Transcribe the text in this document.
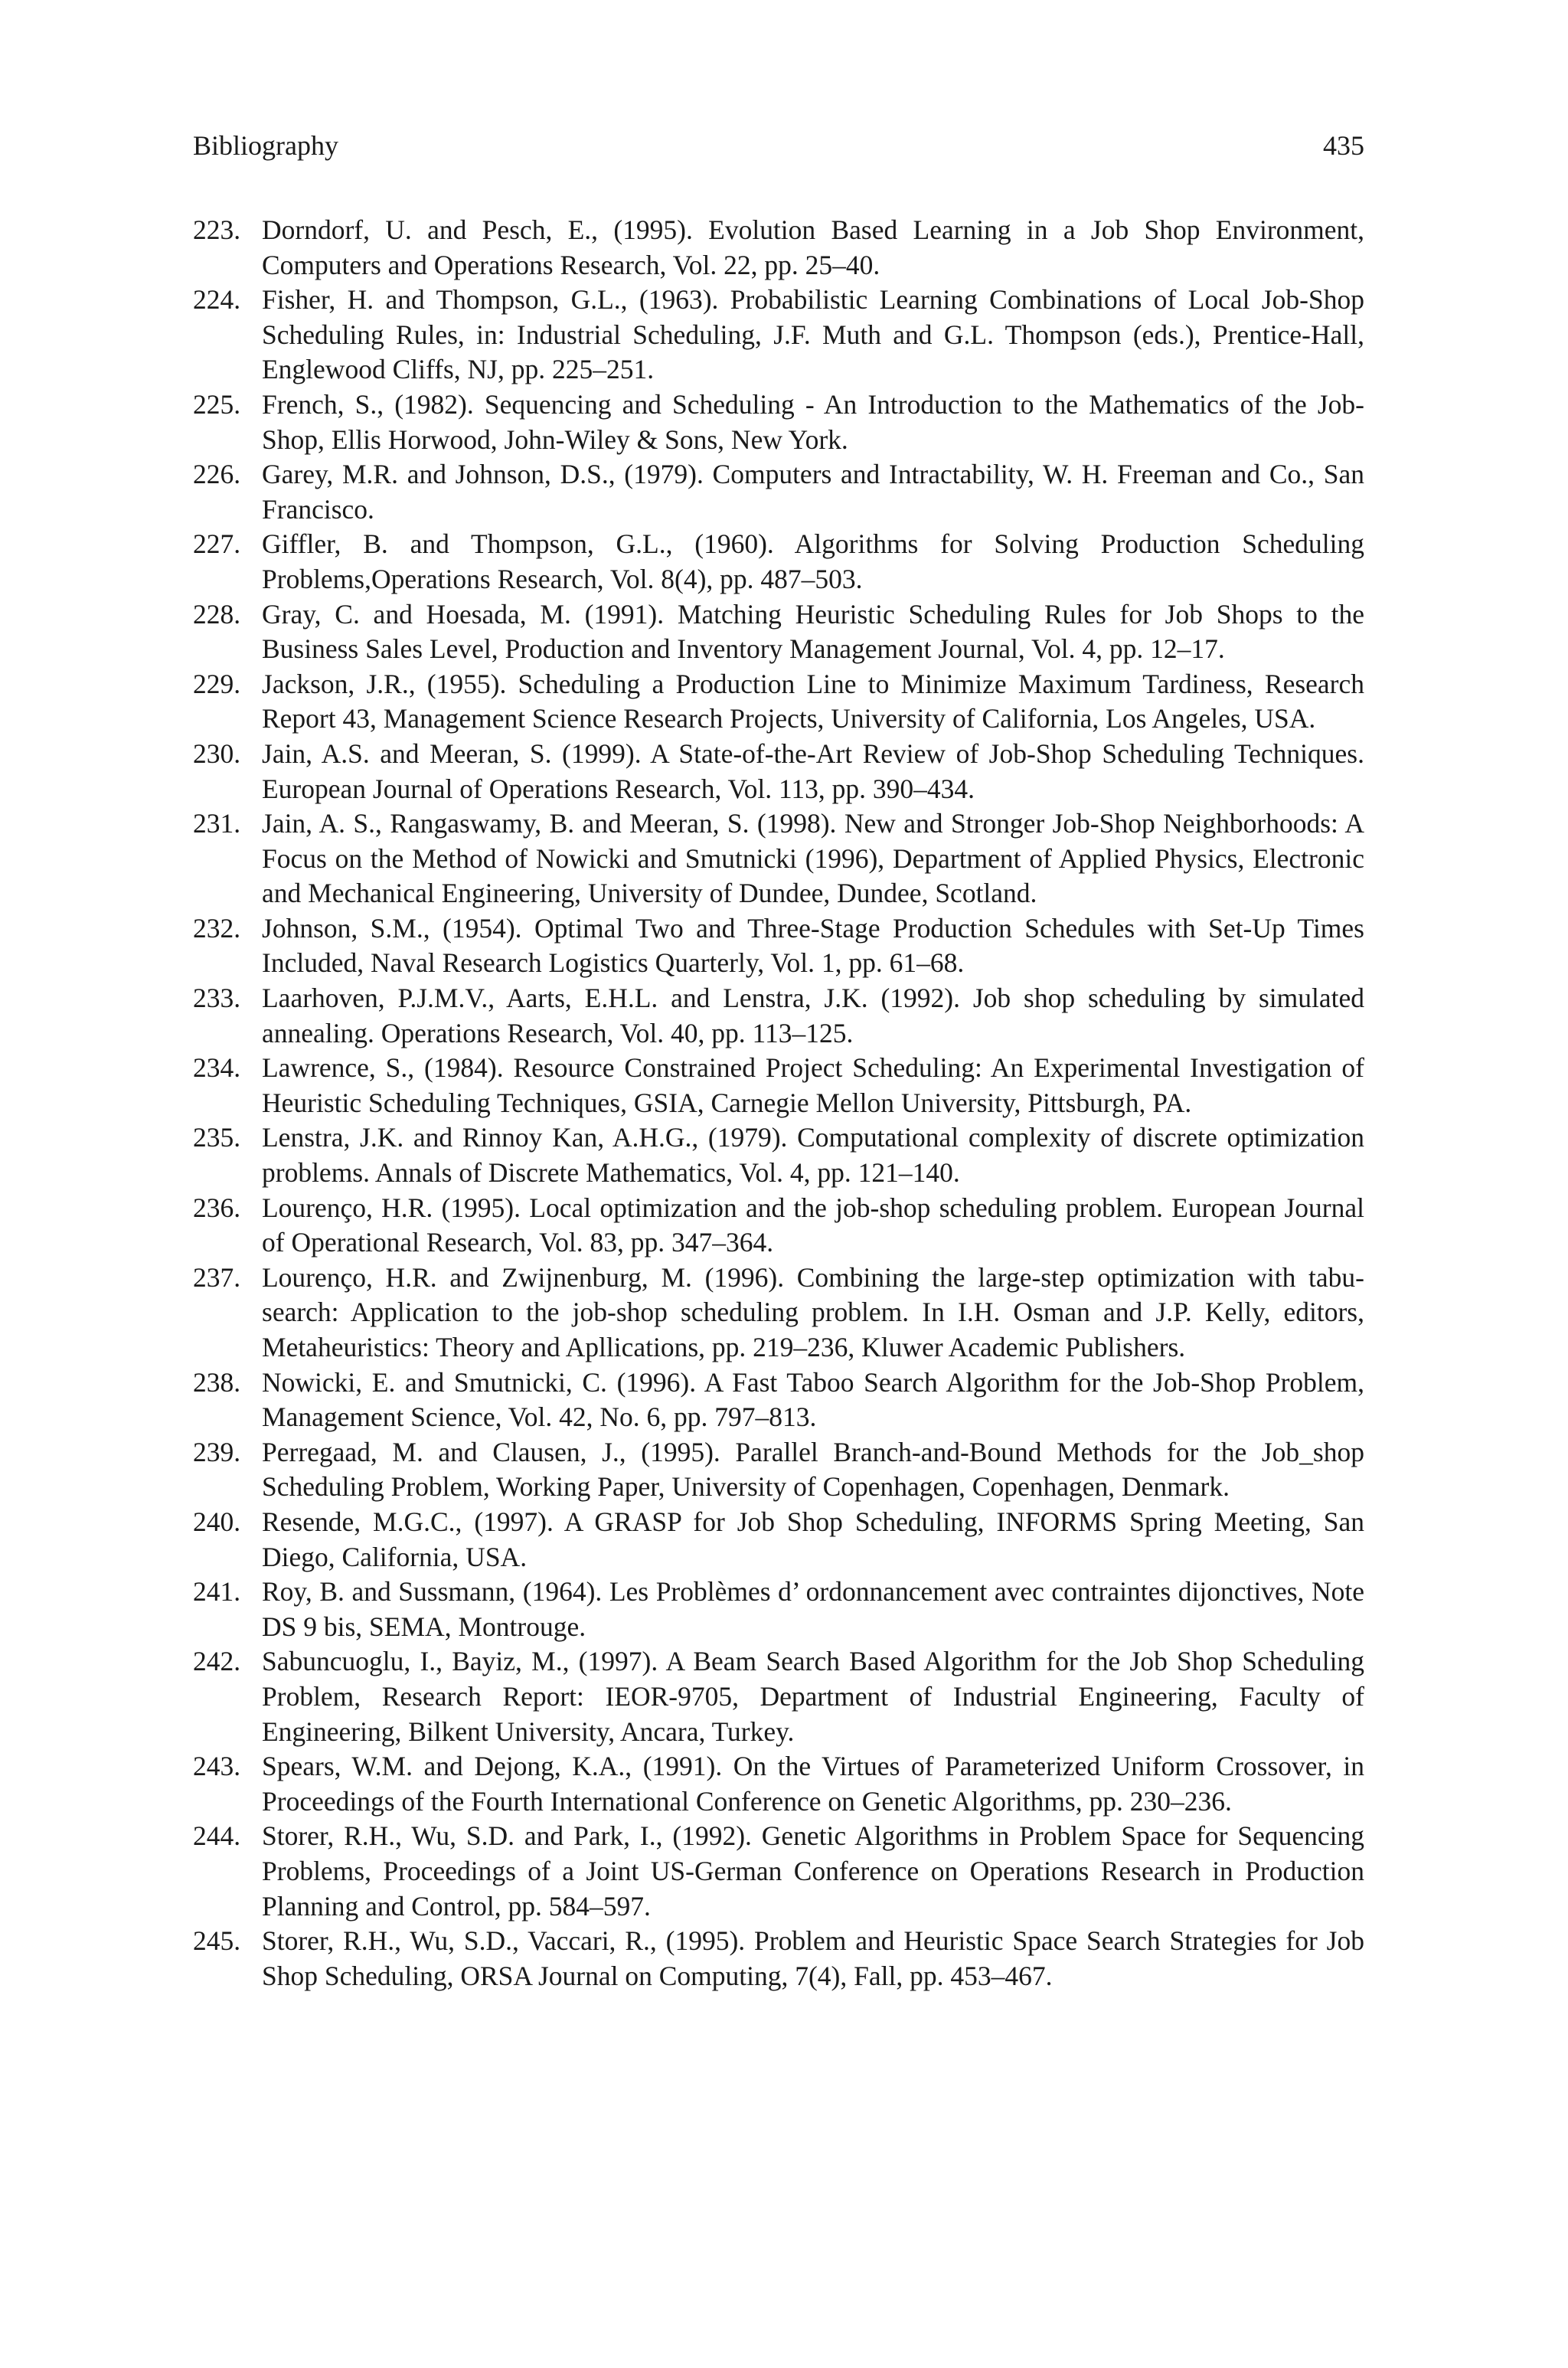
Bibliography	435
223. Dorndorf, U. and Pesch, E., (1995). Evolution Based Learning in a Job Shop Environment, Computers and Operations Research, Vol. 22, pp. 25–40.
224. Fisher, H. and Thompson, G.L., (1963). Probabilistic Learning Combinations of Local Job-Shop Scheduling Rules, in: Industrial Scheduling, J.F. Muth and G.L. Thompson (eds.), Prentice-Hall, Englewood Cliffs, NJ, pp. 225–251.
225. French, S., (1982). Sequencing and Scheduling - An Introduction to the Mathematics of the Job-Shop, Ellis Horwood, John-Wiley & Sons, New York.
226. Garey, M.R. and Johnson, D.S., (1979). Computers and Intractability, W. H. Freeman and Co., San Francisco.
227. Giffler, B. and Thompson, G.L., (1960). Algorithms for Solving Production Scheduling Problems,Operations Research, Vol. 8(4), pp. 487–503.
228. Gray, C. and Hoesada, M. (1991). Matching Heuristic Scheduling Rules for Job Shops to the Business Sales Level, Production and Inventory Management Journal, Vol. 4, pp. 12–17.
229. Jackson, J.R., (1955). Scheduling a Production Line to Minimize Maximum Tardiness, Research Report 43, Management Science Research Projects, University of California, Los Angeles, USA.
230. Jain, A.S. and Meeran, S. (1999). A State-of-the-Art Review of Job-Shop Scheduling Techniques. European Journal of Operations Research, Vol. 113, pp. 390–434.
231. Jain, A. S., Rangaswamy, B. and Meeran, S. (1998). New and Stronger Job-Shop Neighborhoods: A Focus on the Method of Nowicki and Smutnicki (1996), Department of Applied Physics, Electronic and Mechanical Engineering, University of Dundee, Dundee, Scotland.
232. Johnson, S.M., (1954). Optimal Two and Three-Stage Production Schedules with Set-Up Times Included, Naval Research Logistics Quarterly, Vol. 1, pp. 61–68.
233. Laarhoven, P.J.M.V., Aarts, E.H.L. and Lenstra, J.K. (1992). Job shop scheduling by simulated annealing. Operations Research, Vol. 40, pp. 113–125.
234. Lawrence, S., (1984). Resource Constrained Project Scheduling: An Experimental Investigation of Heuristic Scheduling Techniques, GSIA, Carnegie Mellon University, Pittsburgh, PA.
235. Lenstra, J.K. and Rinnoy Kan, A.H.G., (1979). Computational complexity of discrete optimization problems. Annals of Discrete Mathematics, Vol. 4, pp. 121–140.
236. Lourenço, H.R. (1995). Local optimization and the job-shop scheduling problem. European Journal of Operational Research, Vol. 83, pp. 347–364.
237. Lourenço, H.R. and Zwijnenburg, M. (1996). Combining the large-step optimization with tabu-search: Application to the job-shop scheduling problem. In I.H. Osman and J.P. Kelly, editors, Metaheuristics: Theory and Apllications, pp. 219–236, Kluwer Academic Publishers.
238. Nowicki, E. and Smutnicki, C. (1996). A Fast Taboo Search Algorithm for the Job-Shop Problem, Management Science, Vol. 42, No. 6, pp. 797–813.
239. Perregaad, M. and Clausen, J., (1995). Parallel Branch-and-Bound Methods for the Job_shop Scheduling Problem, Working Paper, University of Copenhagen, Copenhagen, Denmark.
240. Resende, M.G.C., (1997). A GRASP for Job Shop Scheduling, INFORMS Spring Meeting, San Diego, California, USA.
241. Roy, B. and Sussmann, (1964). Les Problèmes d’ ordonnancement avec contraintes dijonctives, Note DS 9 bis, SEMA, Montrouge.
242. Sabuncuoglu, I., Bayiz, M., (1997). A Beam Search Based Algorithm for the Job Shop Scheduling Problem, Research Report: IEOR-9705, Department of Industrial Engineering, Faculty of Engineering, Bilkent University, Ancara, Turkey.
243. Spears, W.M. and Dejong, K.A., (1991). On the Virtues of Parameterized Uniform Crossover, in Proceedings of the Fourth International Conference on Genetic Algorithms, pp. 230–236.
244. Storer, R.H., Wu, S.D. and Park, I., (1992). Genetic Algorithms in Problem Space for Sequencing Problems, Proceedings of a Joint US-German Conference on Operations Research in Production Planning and Control, pp. 584–597.
245. Storer, R.H., Wu, S.D., Vaccari, R., (1995). Problem and Heuristic Space Search Strategies for Job Shop Scheduling, ORSA Journal on Computing, 7(4), Fall, pp. 453–467.
